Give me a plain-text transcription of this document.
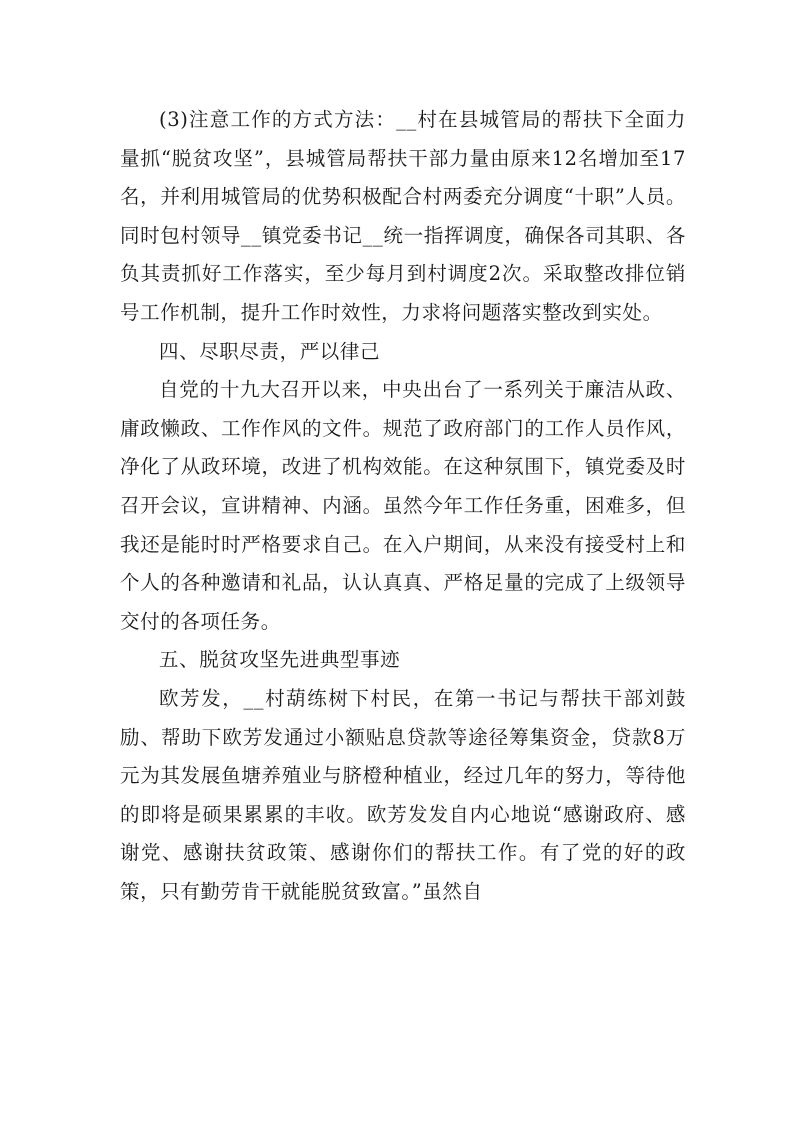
(3)注意工作的方式方法：__村在县城管局的帮扶下全面力量抓“脱贫攻坚”，县城管局帮扶干部力量由原来12名增加至17名，并利用城管局的优势积极配合村两委充分调度“十职”人员。同时包村领导__镇党委书记__统一指挥调度，确保各司其职、各负其责抓好工作落实，至少每月到村调度2次。采取整改排位销号工作机制，提升工作时效性，力求将问题落实整改到实处。

四、尽职尽责，严以律己

自党的十九大召开以来，中央出台了一系列关于廉洁从政、庸政懒政、工作作风的文件。规范了政府部门的工作人员作风，净化了从政环境，改进了机构效能。在这种氛围下，镇党委及时召开会议，宣讲精神、内涵。虽然今年工作任务重，困难多，但我还是能时时严格要求自己。在入户期间，从来没有接受村上和个人的各种邀请和礼品，认认真真、严格足量的完成了上级领导交付的各项任务。

五、脱贫攻坚先进典型事迹

欧芳发，__村葫练树下村民，在第一书记与帮扶干部刘鼓励、帮助下欧芳发通过小额贴息贷款等途径筹集资金，贷款8万元为其发展鱼塘养殖业与脐橙种植业，经过几年的努力，等待他的即将是硕果累累的丰收。欧芳发发自内心地说“感谢政府、感谢党、感谢扶贫政策、感谢你们的帮扶工作。有了党的好的政策，只有勤劳肯干就能脱贫致富。”虽然自
